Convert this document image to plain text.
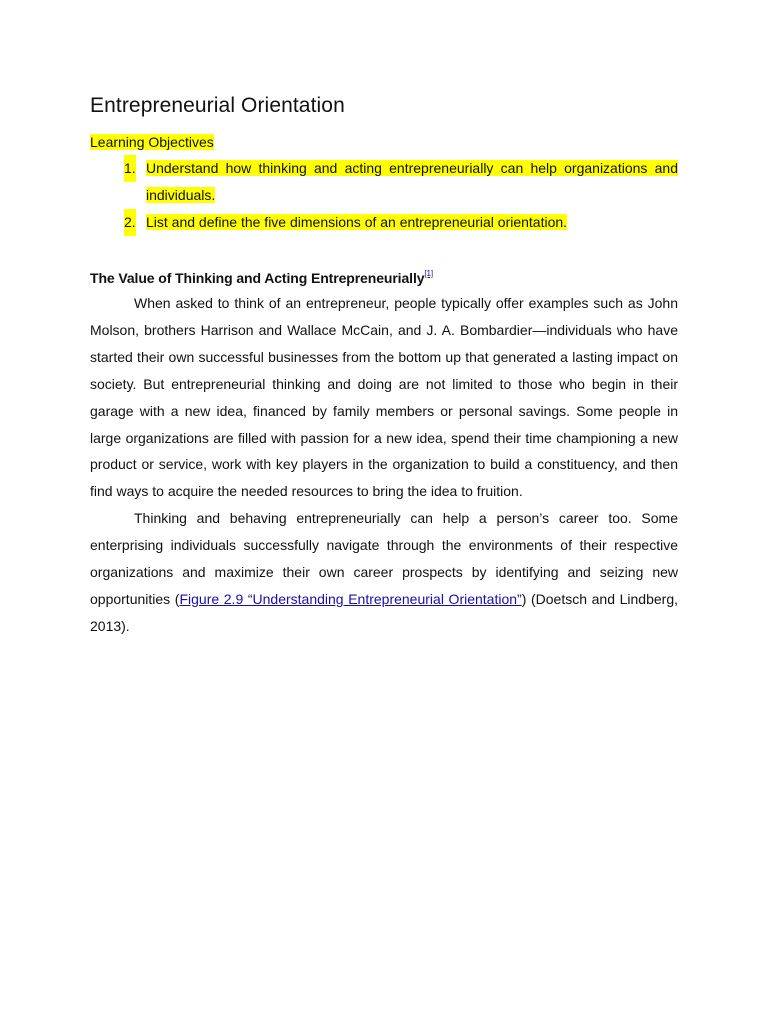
Entrepreneurial Orientation
Learning Objectives
1. Understand how thinking and acting entrepreneurially can help organizations and individuals.
2. List and define the five dimensions of an entrepreneurial orientation.
The Value of Thinking and Acting Entrepreneurially[1]

When asked to think of an entrepreneur, people typically offer examples such as John Molson, brothers Harrison and Wallace McCain, and J. A. Bombardier—individuals who have started their own successful businesses from the bottom up that generated a lasting impact on society. But entrepreneurial thinking and doing are not limited to those who begin in their garage with a new idea, financed by family members or personal savings. Some people in large organizations are filled with passion for a new idea, spend their time championing a new product or service, work with key players in the organization to build a constituency, and then find ways to acquire the needed resources to bring the idea to fruition.

Thinking and behaving entrepreneurially can help a person’s career too. Some enterprising individuals successfully navigate through the environments of their respective organizations and maximize their own career prospects by identifying and seizing new opportunities (Figure 2.9 “Understanding Entrepreneurial Orientation”) (Doetsch and Lindberg, 2013).
